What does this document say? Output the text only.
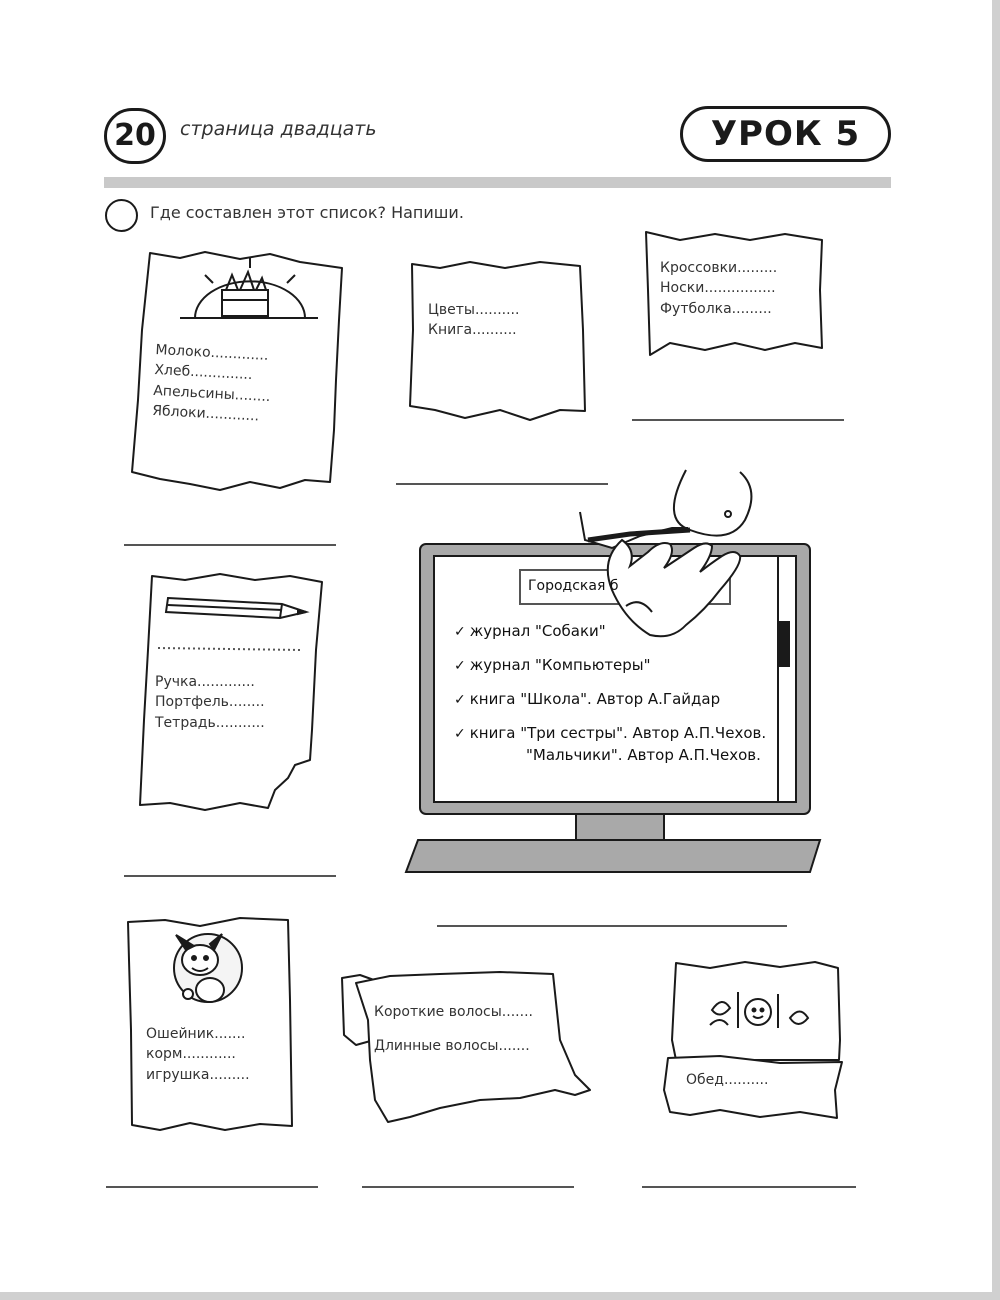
20	страница двадцать	УРОК 5
Где составлен этот список? Напиши.
Молоко.............
Хлеб..............
Апельсины........
Яблоки............
Цветы..........
Книга..........
Кроссовки.........
Носки................
Футболка.........
Ручка.............
Портфель........
Тетрадь...........
Городская б
✓ журнал "Собаки"
✓ журнал "Компьютеры"
✓ книга "Школа". Автор А.Гайдар
✓ книга "Три сестры". Автор А.П.Чехов.
"Мальчики". Автор А.П.Чехов.
Ошейник.......
корм............
игрушка.........
Короткие волосы.......
Длинные волосы.......
Обед..........
